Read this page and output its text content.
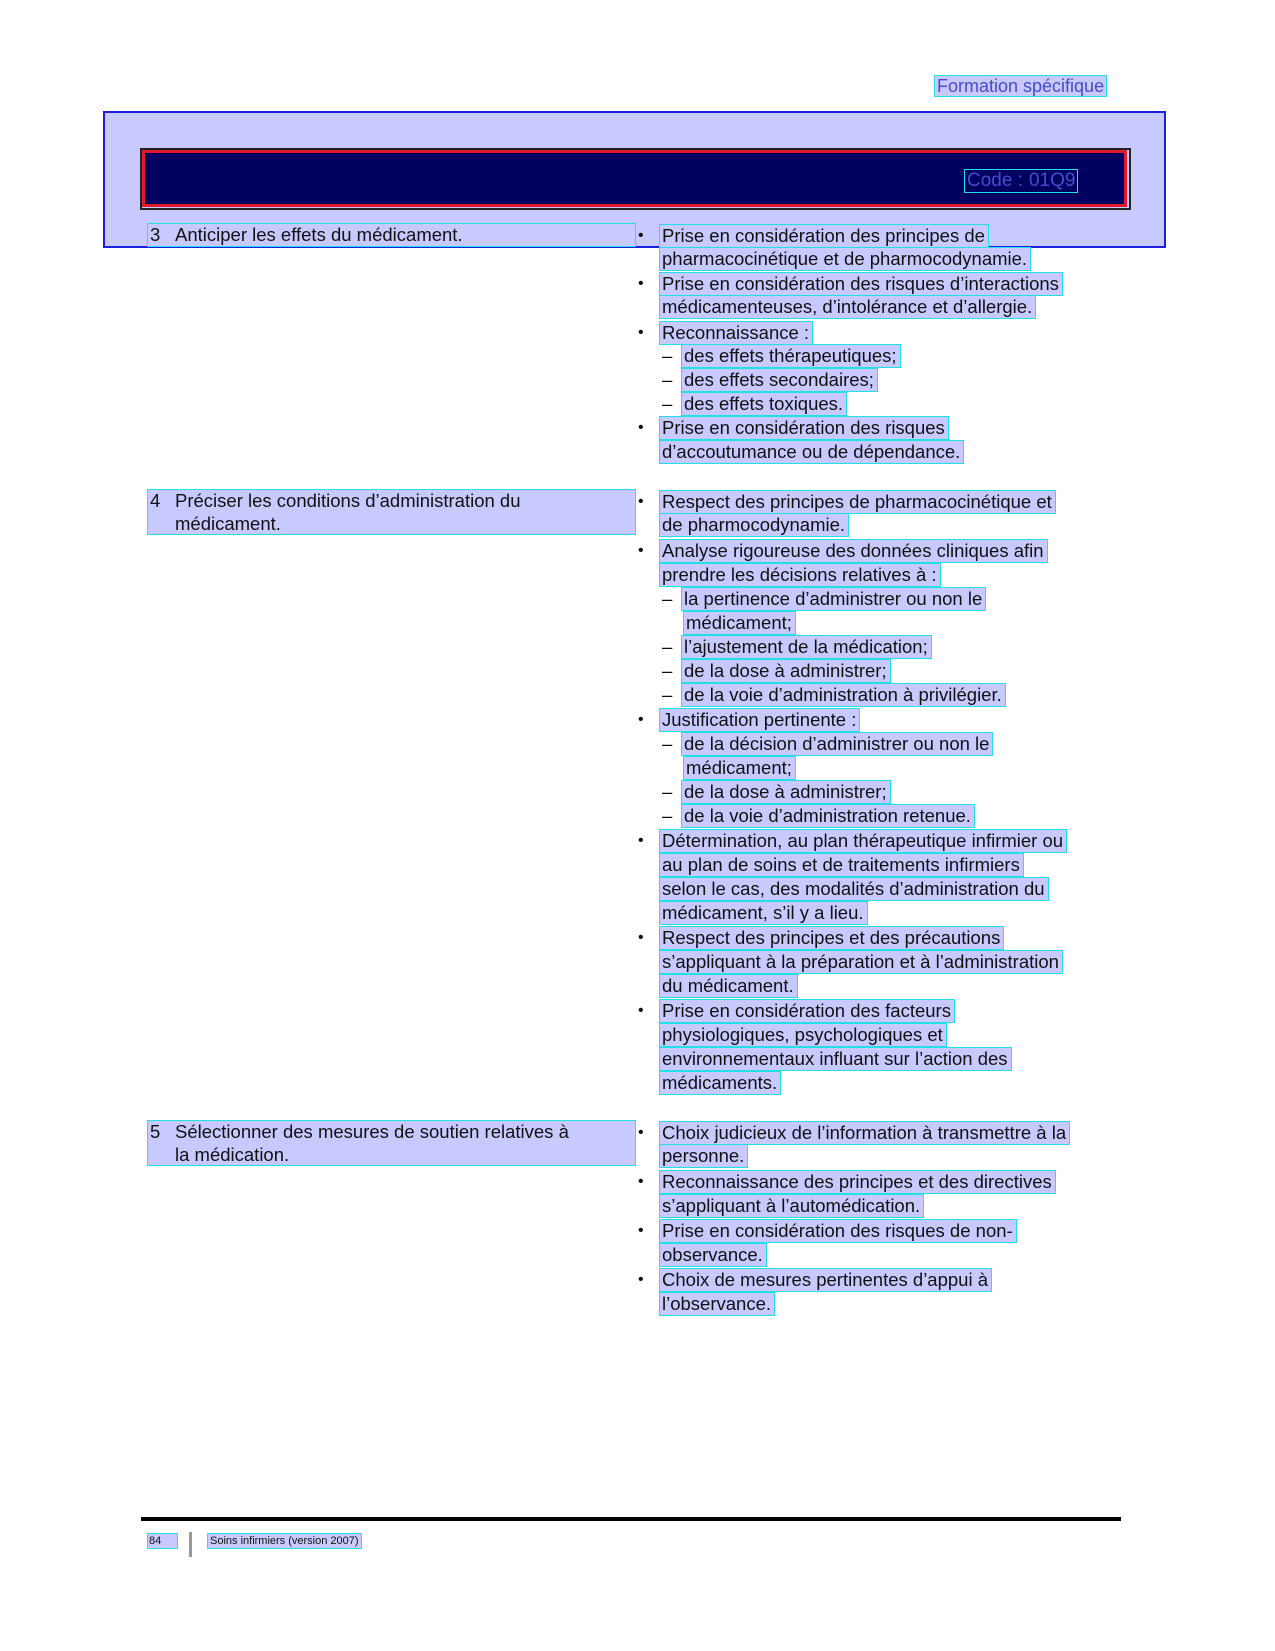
Formation spécifique
Code : 01Q9
3 Anticiper les effets du médicament.
•	Prise en considération des principes de
pharmacocinétique et de pharmocodynamie.
• Prise en considération des risques d’interactions
médicamenteuses, d’intolérance et d’allergie.
• Reconnaissance :
– des effets thérapeutiques;
– des effets secondaires;
– des effets toxiques.
• Prise en considération des risques
d’accoutumance ou de dépendance.
4 Préciser les conditions d’administration du
médicament.
• Respect des principes de pharmacocinétique et
de pharmocodynamie.
• Analyse rigoureuse des données cliniques afin
prendre les décisions relatives à :
– la pertinence d’administrer ou non le
médicament;
– l’ajustement de la médication;
– de la dose à administrer;
– de la voie d’administration à privilégier.
• Justification pertinente :
– de la décision d’administrer ou non le
médicament;
– de la dose à administrer;
– de la voie d’administration retenue.
• Détermination, au plan thérapeutique infirmier ou
au plan de soins et de traitements infirmiers
selon le cas, des modalités d’administration du
médicament, s’il y a lieu.
• Respect des principes et des précautions
s’appliquant à la préparation et à l’administration
du médicament.
• Prise en considération des facteurs
physiologiques, psychologiques et
environnementaux influant sur l’action des
médicaments.
5 Sélectionner des mesures de soutien relatives à
la médication.
• Choix judicieux de l’information à transmettre à la
personne.
• Reconnaissance des principes et des directives
s’appliquant à l’automédication.
• Prise en considération des risques de non-
observance.
• Choix de mesures pertinentes d’appui à
l’observance.
84	Soins infirmiers (version 2007)
